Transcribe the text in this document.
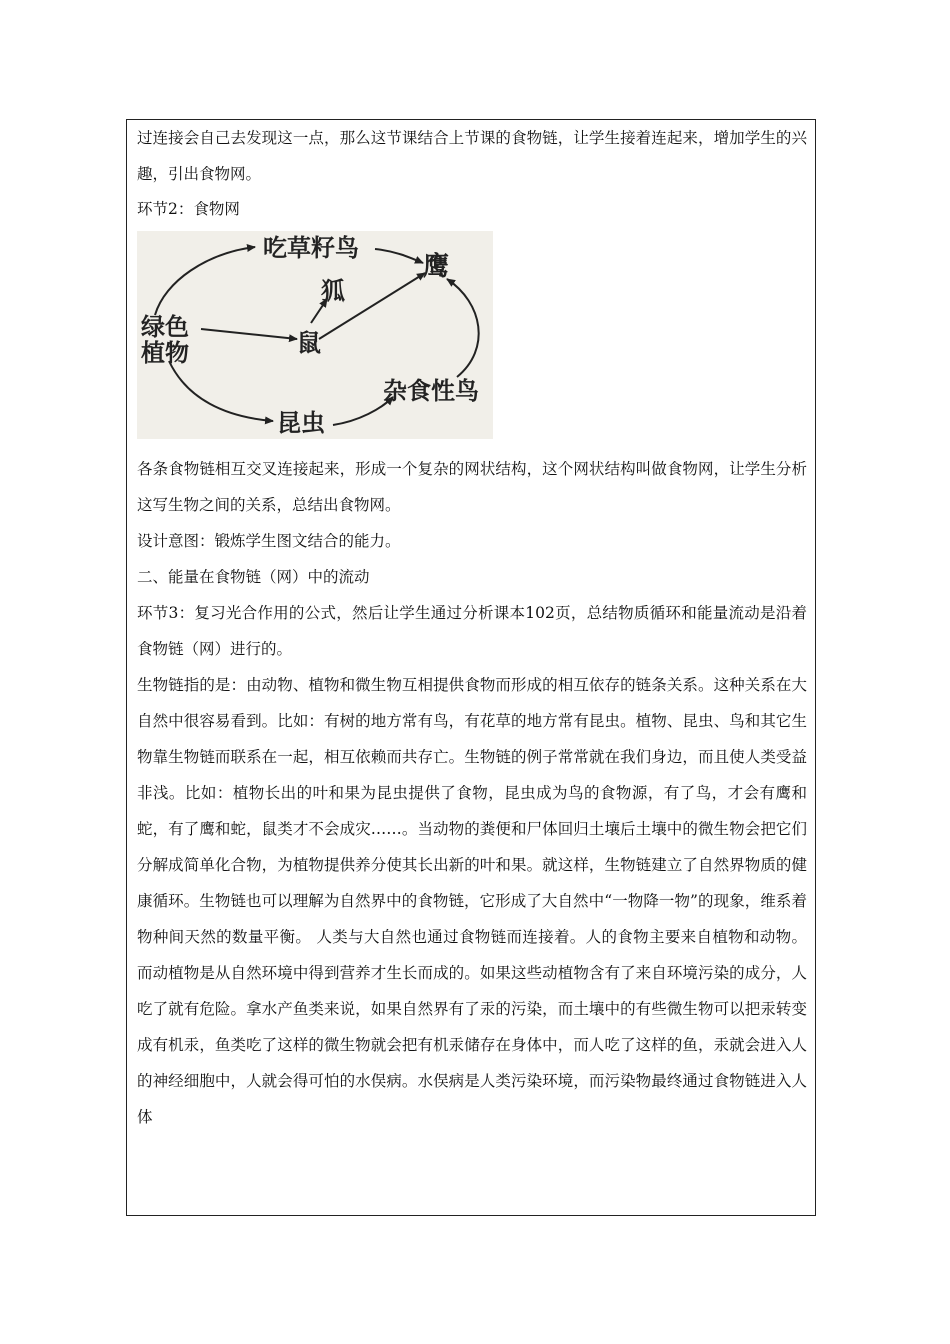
过连接会自己去发现这一点，那么这节课结合上节课的食物链，让学生接着连起来，增加学生的兴趣，引出食物网。

环节2：食物网

吃草籽鸟
鹰
狐
绿色
植物	鼠
杂食性鸟
昆虫

各条食物链相互交叉连接起来，形成一个复杂的网状结构，这个网状结构叫做食物网，让学生分析这写生物之间的关系，总结出食物网。

设计意图：锻炼学生图文结合的能力。

二、能量在食物链（网）中的流动

环节3：复习光合作用的公式，然后让学生通过分析课本102页，总结物质循环和能量流动是沿着食物链（网）进行的。

生物链指的是：由动物、植物和微生物互相提供食物而形成的相互依存的链条关系。这种关系在大自然中很容易看到。比如：有树的地方常有鸟，有花草的地方常有昆虫。植物、昆虫、鸟和其它生物靠生物链而联系在一起，相互依赖而共存亡。生物链的例子常常就在我们身边，而且使人类受益非浅。比如：植物长出的叶和果为昆虫提供了食物，昆虫成为鸟的食物源，有了鸟，才会有鹰和蛇，有了鹰和蛇，鼠类才不会成灾……。当动物的粪便和尸体回归土壤后土壤中的微生物会把它们分解成简单化合物，为植物提供养分使其长出新的叶和果。就这样，生物链建立了自然界物质的健康循环。生物链也可以理解为自然界中的食物链，它形成了大自然中“一物降一物”的现象，维系着物种间天然的数量平衡。 人类与大自然也通过食物链而连接着。人的食物主要来自植物和动物。而动植物是从自然环境中得到营养才生长而成的。如果这些动植物含有了来自环境污染的成分，人吃了就有危险。拿水产鱼类来说，如果自然界有了汞的污染，而土壤中的有些微生物可以把汞转变成有机汞，鱼类吃了这样的微生物就会把有机汞储存在身体中，而人吃了这样的鱼，汞就会进入人的神经细胞中，人就会得可怕的水俣病。水俣病是人类污染环境，而污染物最终通过食物链进入人体
